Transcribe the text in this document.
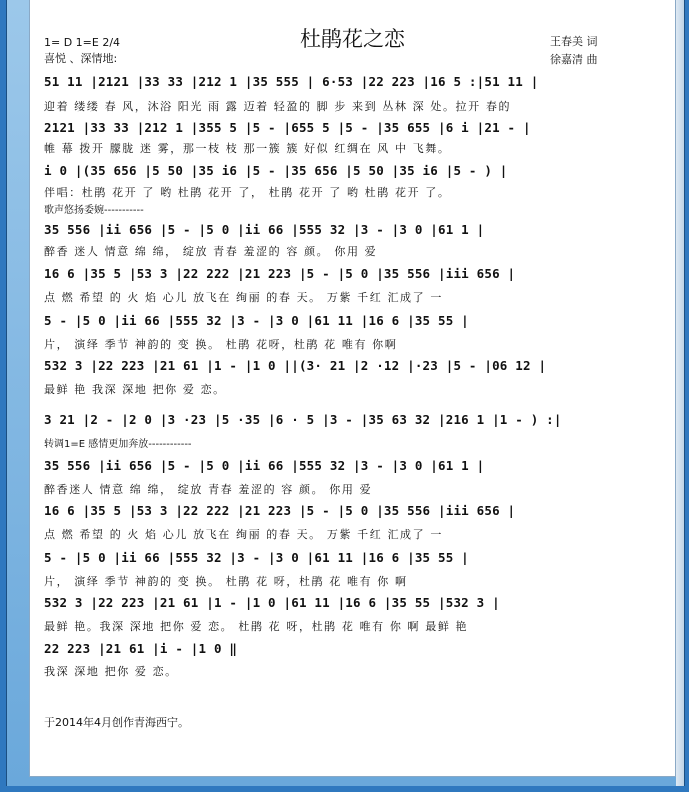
1= D 1=E 2/4
喜悦 、深情地:
杜鹃花之恋	王春美 词
徐嘉清 曲
51 11 |2121 |33 33 |212 1 |35 555 | 6·53 |22 223 |16 5 :|51 11 |
迎着 缕缕 春 风，沐浴 阳光 雨 露 迈着 轻盈的 脚 步 来到 丛林 深 处。拉开 春的
2121 |33 33 |212 1 |355 5 |5 - |655 5 |5 - |35 655 |6 i |21 - |
帷 幕 拨开 朦胧 迷 雾，那一枝 枝 那一簇 簇 好似 红绸在 风 中 飞舞。
i 0 |(35 656 |5 50 |35 i6 |5 - |35 656 |5 50 |35 i6 |5 - ) |
伴唱：杜鹃 花开 了 哟 杜鹃 花开 了， 杜鹃 花开 了 哟 杜鹃 花开 了。
歌声悠扬委婉-----------
35 556 |ii 656 |5 - |5 0 |ii 66 |555 32 |3 - |3 0 |61 1 |
醉香 迷人 情意 绵 绵， 绽放 青春 羞涩的 容 颜。 你用 爱
16 6 |35 5 |53 3 |22 222 |21 223 |5 - |5 0 |35 556 |iii 656 |
点 燃 希望 的 火 焰 心儿 放飞在 绚丽 的春 天。 万紫 千红 汇成了 一
5 - |5 0 |ii 66 |555 32 |3 - |3 0 |61 11 |16 6 |35 55 |
片， 演绎 季节 神韵的 变 换。 杜鹃 花呀，杜鹃 花 唯有 你啊
532 3 |22 223 |21 61 |1 - |1 0 ||(3· 21 |2 ·12 |·23 |5 - |06 12 |
最鲜 艳 我深 深地 把你 爱 恋。
3 21 |2 - |2 0 |3 ·23 |5 ·35 |6 · 5 |3 - |35 63 32 |216 1 |1 - ) :|
转调1=E 感情更加奔放------------
35 556 |ii 656 |5 - |5 0 |ii 66 |555 32 |3 - |3 0 |61 1 |
醉香迷人 情意 绵 绵， 绽放 青春 羞涩的 容 颜。 你用 爱
16 6 |35 5 |53 3 |22 222 |21 223 |5 - |5 0 |35 556 |iii 656 |
点 燃 希望 的 火 焰 心儿 放飞在 绚丽 的春 天。 万紫 千红 汇成了 一
5 - |5 0 |ii 66 |555 32 |3 - |3 0 |61 11 |16 6 |35 55 |
片， 演绎 季节 神韵的 变 换。 杜鹃 花 呀，杜鹃 花 唯有 你 啊
532 3 |22 223 |21 61 |1 - |1 0 |61 11 |16 6 |35 55 |532 3 |
最鲜 艳。我深 深地 把你 爱 恋。 杜鹃 花 呀，杜鹃 花 唯有 你 啊 最鲜 艳
22 223 |21 61 |i - |1 0 ‖
我深 深地 把你 爱 恋。
于2014年4月创作青海西宁。
